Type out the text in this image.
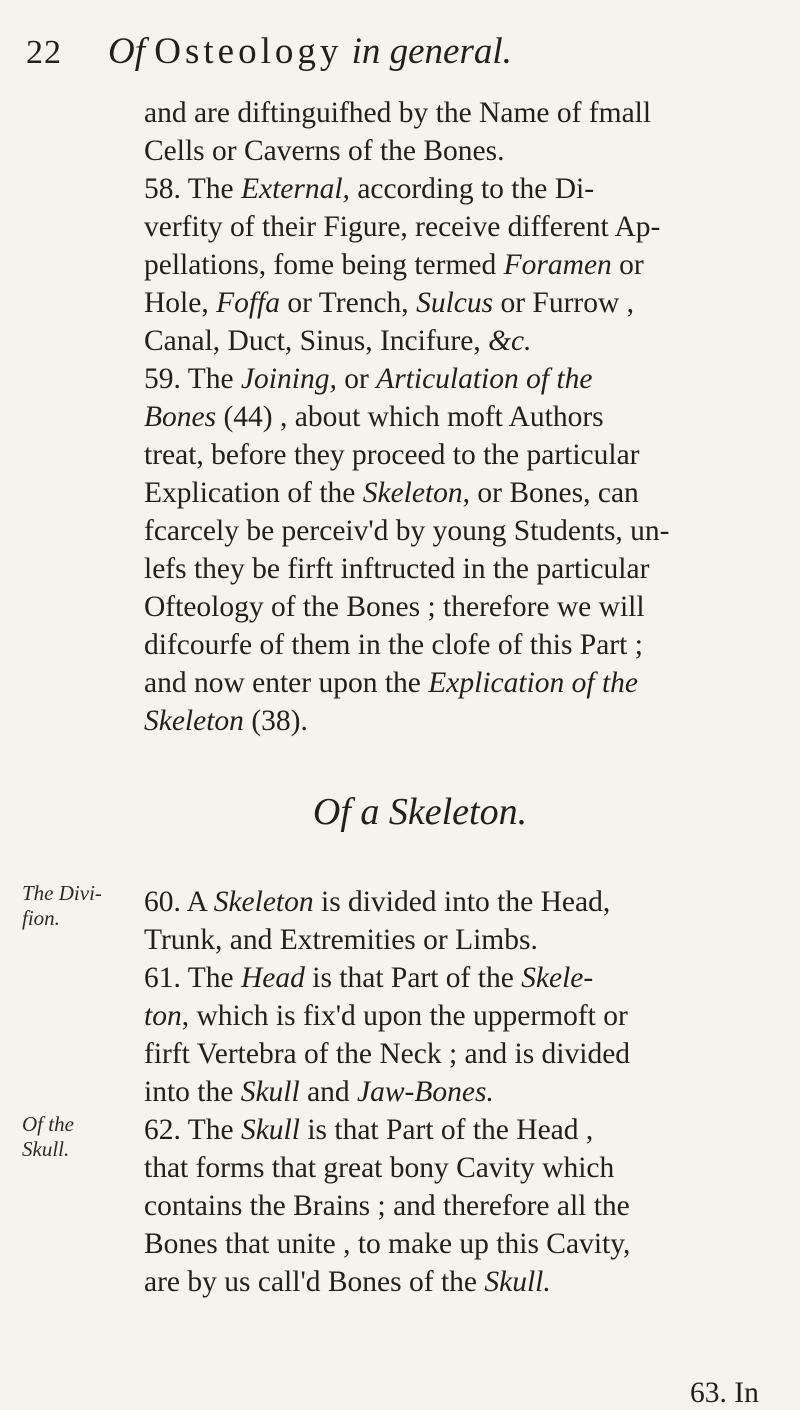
22 Of Osteology in general.
and are diftinguifhed by the Name of fmall
Cells or Caverns of the Bones.
58. The External, according to the Di-
verfity of their Figure, receive different Ap-
pellations, fome being termed Foramen or
Hole, Foffa or Trench, Sulcus or Furrow ,
Canal, Duct, Sinus, Incifure, &c.
59. The Joining, or Articulation of the
Bones (44) , about which moft Authors
treat, before they proceed to the particular
Explication of the Skeleton, or Bones, can
fcarcely be perceiv'd by young Students, un-
lefs they be firft inftructed in the particular
Ofteology of the Bones ; therefore we will
difcourfe of them in the clofe of this Part ;
and now enter upon the Explication of the
Skeleton (38).
Of a Skeleton.
60. A Skeleton is divided into the Head,
Trunk, and Extremities or Limbs.
61. The Head is that Part of the Skele-
ton, which is fix'd upon the uppermoft or
firft Vertebra of the Neck ; and is divided
into the Skull and Jaw-Bones.
62. The Skull is that Part of the Head ,
that forms that great bony Cavity which
contains the Brains ; and therefore all the
Bones that unite , to make up this Cavity,
are by us call'd Bones of the Skull.
The Divi-
fion.
Of the
Skull.
63. In
